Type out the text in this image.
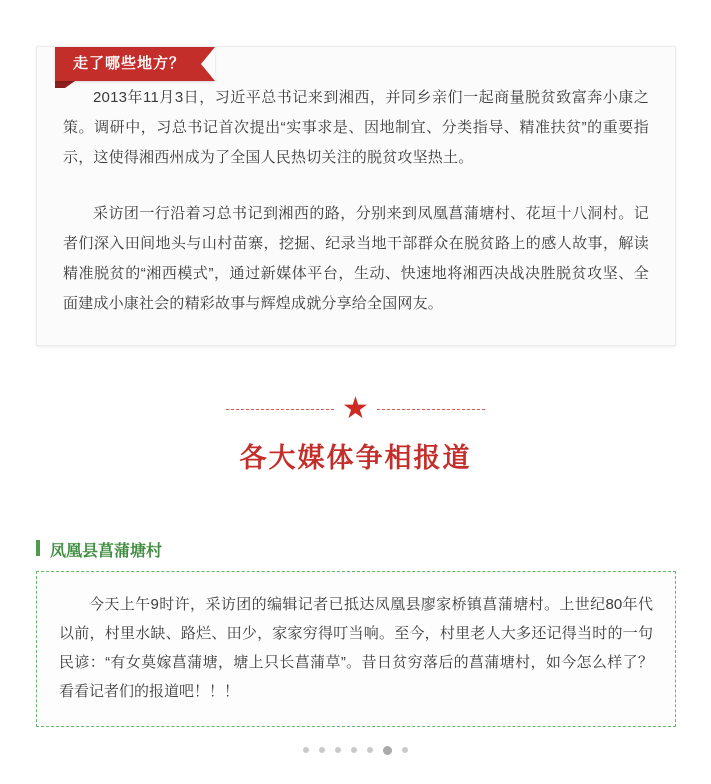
走了哪些地方？

2013年11月3日，习近平总书记来到湘西，并同乡亲们一起商量脱贫致富奔小康之策。调研中，习总书记首次提出“实事求是、因地制宜、分类指导、精准扶贫”的重要指示，这使得湘西州成为了全国人民热切关注的脱贫攻坚热土。

采访团一行沿着习总书记到湘西的路，分别来到凤凰菖蒲塘村、花垣十八洞村。记者们深入田间地头与山村苗寨，挖掘、纪录当地干部群众在脱贫路上的感人故事，解读精准脱贫的“湘西模式”，通过新媒体平台，生动、快速地将湘西决战决胜脱贫攻坚、全面建成小康社会的精彩故事与辉煌成就分享给全国网友。

★
各大媒体争相报道
凤凰县菖蒲塘村

今天上午9时许，采访团的编辑记者已抵达凤凰县廖家桥镇菖蒲塘村。上世纪80年代以前，村里水缺、路烂、田少，家家穷得叮当响。至今，村里老人大多还记得当时的一句民谚：“有女莫嫁菖蒲塘，塘上只长菖蒲草”。昔日贫穷落后的菖蒲塘村，如今怎么样了？看看记者们的报道吧！！！
